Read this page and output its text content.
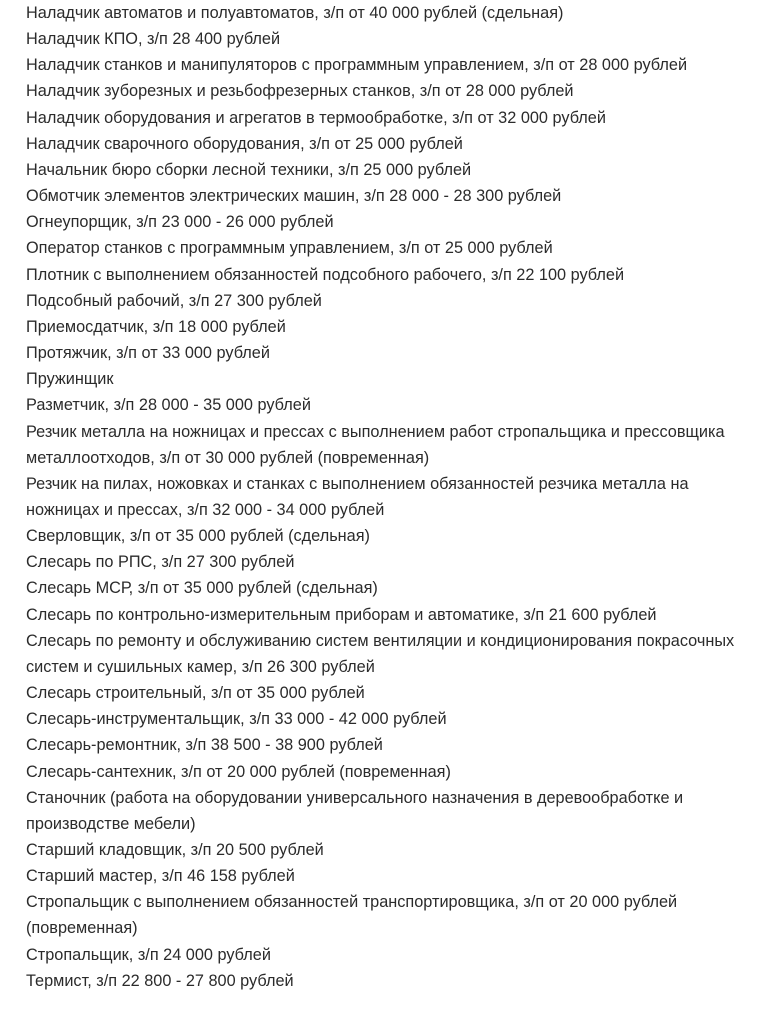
Наладчик автоматов и полуавтоматов, з/п от 40 000 рублей (сдельная)
Наладчик КПО, з/п 28 400 рублей
Наладчик станков и манипуляторов с программным управлением, з/п от 28 000 рублей
Наладчик зуборезных и резьбофрезерных станков, з/п от 28 000 рублей
Наладчик оборудования и агрегатов в термообработке, з/п от 32 000 рублей
Наладчик сварочного оборудования, з/п от 25 000 рублей
Начальник бюро сборки лесной техники, з/п 25 000 рублей
Обмотчик элементов электрических машин, з/п 28 000 - 28 300 рублей
Огнеупорщик, з/п 23 000 - 26 000 рублей
Оператор станков с программным управлением, з/п от 25 000 рублей
Плотник с выполнением обязанностей подсобного рабочего, з/п 22 100 рублей
Подсобный рабочий, з/п 27 300 рублей
Приемосдатчик, з/п 18 000 рублей
Протяжчик, з/п от 33 000 рублей
Пружинщик
Разметчик, з/п 28 000 - 35 000 рублей
Резчик металла на ножницах и прессах с выполнением работ стропальщика и прессовщика металлоотходов, з/п от 30 000 рублей (повременная)
Резчик на пилах, ножовках и станках с выполнением обязанностей резчика металла на ножницах и прессах, з/п 32 000 - 34 000 рублей
Сверловщик, з/п от 35 000 рублей (сдельная)
Слесарь по РПС, з/п 27 300 рублей
Слесарь МСР, з/п от 35 000 рублей (сдельная)
Слесарь по контрольно-измерительным приборам и автоматике, з/п 21 600 рублей
Слесарь по ремонту и обслуживанию систем вентиляции и кондиционирования покрасочных систем и сушильных камер, з/п 26 300 рублей
Слесарь строительный, з/п от 35 000 рублей
Слесарь-инструментальщик, з/п 33 000 - 42 000 рублей
Слесарь-ремонтник, з/п 38 500 - 38 900 рублей
Слесарь-сантехник, з/п от 20 000 рублей (повременная)
Станочник (работа на оборудовании универсального назначения в деревообработке и производстве мебели)
Старший кладовщик, з/п 20 500 рублей
Старший мастер, з/п 46 158 рублей
Стропальщик с выполнением обязанностей транспортировщика, з/п от 20 000 рублей (повременная)
Стропальщик, з/п 24 000 рублей
Термист, з/п 22 800 - 27 800 рублей
